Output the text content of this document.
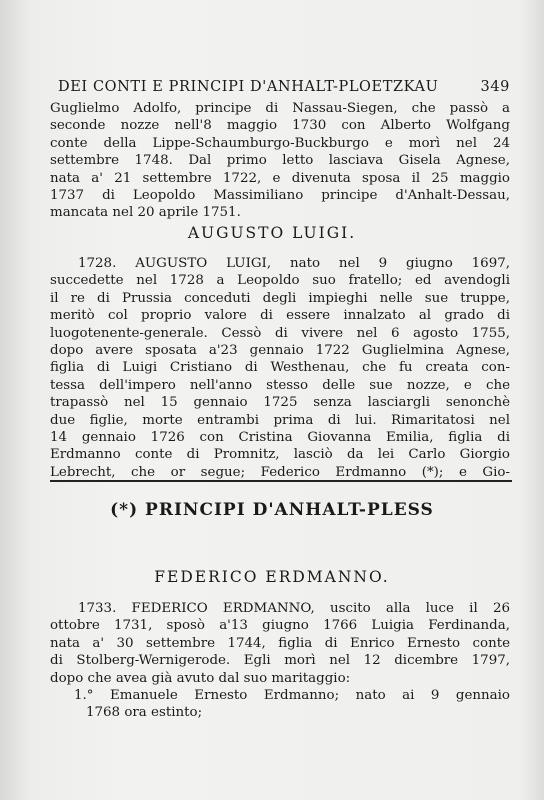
DEI CONTI E PRINCIPI D'ANHALT-PLOETZKAU	349
Guglielmo Adolfo, principe di Nassau-Siegen, che passò a
seconde nozze nell'8 maggio 1730 con Alberto Wolfgang
conte della Lippe-Schaumburgo-Buckburgo e morì nel 24
settembre 1748. Dal primo letto lasciava Gisela Agnese,
nata a' 21 settembre 1722, e divenuta sposa il 25 maggio
1737 di Leopoldo Massimiliano principe d'Anhalt-Dessau,
mancata nel 20 aprile 1751.
AUGUSTO LUIGI.
1728. AUGUSTO LUIGI, nato nel 9 giugno 1697,
succedette nel 1728 a Leopoldo suo fratello; ed avendogli
il re di Prussia conceduti degli impieghi nelle sue truppe,
meritò col proprio valore di essere innalzato al grado di
luogotenente-generale. Cessò di vivere nel 6 agosto 1755,
dopo avere sposata a'23 gennaio 1722 Guglielmina Agnese,
figlia di Luigi Cristiano di Westhenau, che fu creata con-
tessa dell'impero nell'anno stesso delle sue nozze, e che
trapassò nel 15 gennaio 1725 senza lasciargli senonchè
due figlie, morte entrambi prima di lui. Rimaritatosi nel
14 gennaio 1726 con Cristina Giovanna Emilia, figlia di
Erdmanno conte di Promnitz, lasciò da lei Carlo Giorgio
Lebrecht, che or segue; Federico Erdmanno (*); e Gio-
(*) PRINCIPI D'ANHALT-PLESS
FEDERICO ERDMANNO.
1733. FEDERICO ERDMANNO, uscito alla luce il 26
ottobre 1731, sposò a'13 giugno 1766 Luigia Ferdinanda,
nata a' 30 settembre 1744, figlia di Enrico Ernesto conte
di Stolberg-Wernigerode. Egli morì nel 12 dicembre 1797,
dopo che avea già avuto dal suo maritaggio:
1.° Emanuele Ernesto Erdmanno; nato ai 9 gennaio
1768 ora estinto;
